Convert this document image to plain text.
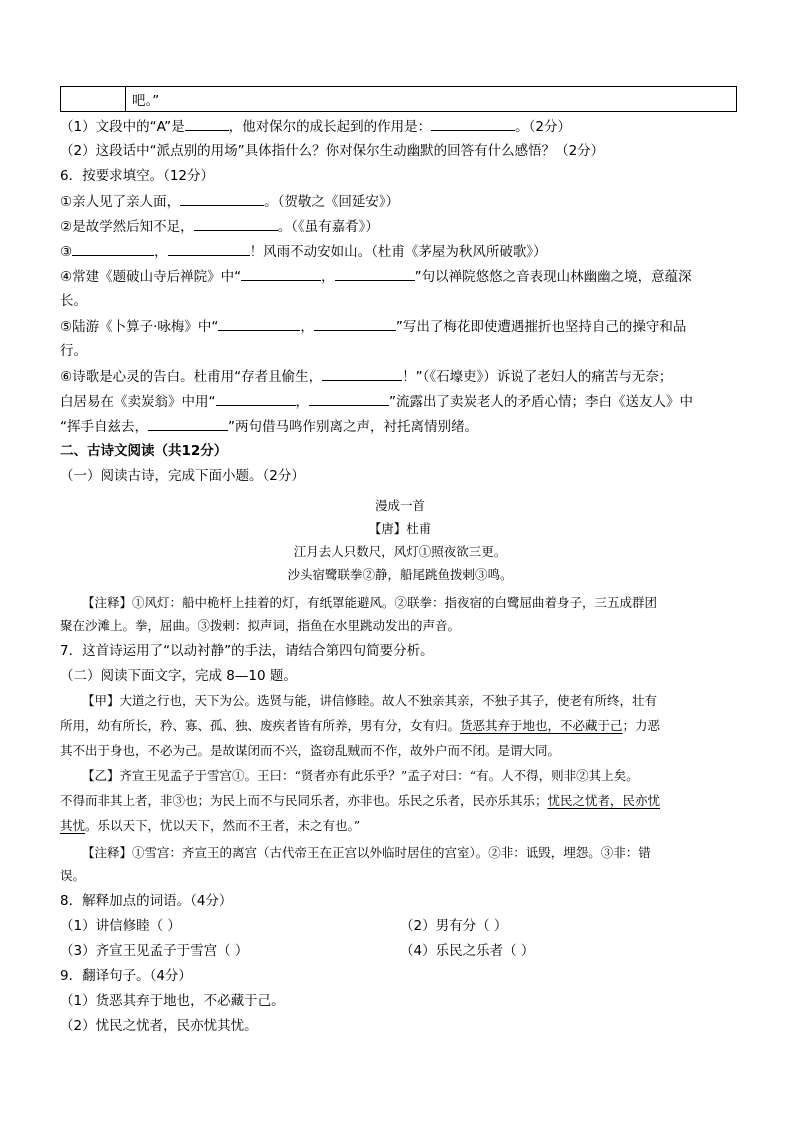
	吧。”
（1）文段中的“A”是	，他对保尔的成长起到的作用是：	。（2分）
（2）这段话中“派点别的用场”具体指什么？你对保尔生动幽默的回答有什么感悟？（2分）
6．按要求填空。（12分）
①亲人见了亲人面，	。（贺敬之《回延安》）
②是故学然后知不足，	。（《虽有嘉肴》）
③	，	！风雨不动安如山。（杜甫《茅屋为秋风所破歌》）
④常建《题破山寺后禅院》中“	，	”句以禅院悠悠之音表现山林幽幽之境，意蕴深
长。
⑤陆游《卜算子·咏梅》中“	，	”写出了梅花即使遭遇摧折也坚持自己的操守和品
行。
⑥诗歌是心灵的告白。杜甫用“存者且偷生，	！”（《石壕吏》）诉说了老妇人的痛苦与无奈；
白居易在《卖炭翁》中用“	，	”流露出了卖炭老人的矛盾心情；李白《送友人》中
“挥手自兹去，	”两句借马鸣作别离之声，衬托离情别绪。
二、古诗文阅读（共12分）
（一）阅读古诗，完成下面小题。（2分）
漫成一首
【唐】杜甫
江月去人只数尺，风灯①照夜欲三更。
沙头宿鹭联拳②静，船尾跳鱼拨剌③鸣。
【注释】①风灯：船中桅杆上挂着的灯，有纸罩能避风。②联拳：指夜宿的白鹭屈曲着身子，三五成群团
聚在沙滩上。拳，屈曲。③拨剌：拟声词，指鱼在水里跳动发出的声音。
7．这首诗运用了“以动衬静”的手法，请结合第四句简要分析。
（二）阅读下面文字，完成 8—10 题。
【甲】大道之行也，天下为公。选贤与能，讲信修睦。故人不独亲其亲，不独子其子，使老有所终，壮有
所用，幼有所长，矜、寡、孤、独、废疾者皆有所养，男有分，女有归。货恶其弃于地也，不必藏于己；力恶
其不出于身也，不必为己。是故谋闭而不兴，盗窃乱贼而不作，故外户而不闭。是谓大同。
【乙】齐宣王见孟子于雪宫①。王曰：“贤者亦有此乐乎？”孟子对曰：“有。人不得，则非②其上矣。
不得而非其上者，非③也；为民上而不与民同乐者，亦非也。乐民之乐者，民亦乐其乐；忧民之忧者，民亦忧
其忧。乐以天下，忧以天下，然而不王者，未之有也。”
【注释】①雪宫：齐宣王的离宫（古代帝王在正宫以外临时居住的宫室）。②非：诋毁，埋怨。③非：错
误。
8．解释加点的词语。（4分）
（1）讲信修睦（ ）	（2）男有分（ ）
（3）齐宣王见孟子于雪宫（ ）	（4）乐民之乐者（ ）
9．翻译句子。（4分）
（1）货恶其弃于地也，不必藏于己。
（2）忧民之忧者，民亦忧其忧。
